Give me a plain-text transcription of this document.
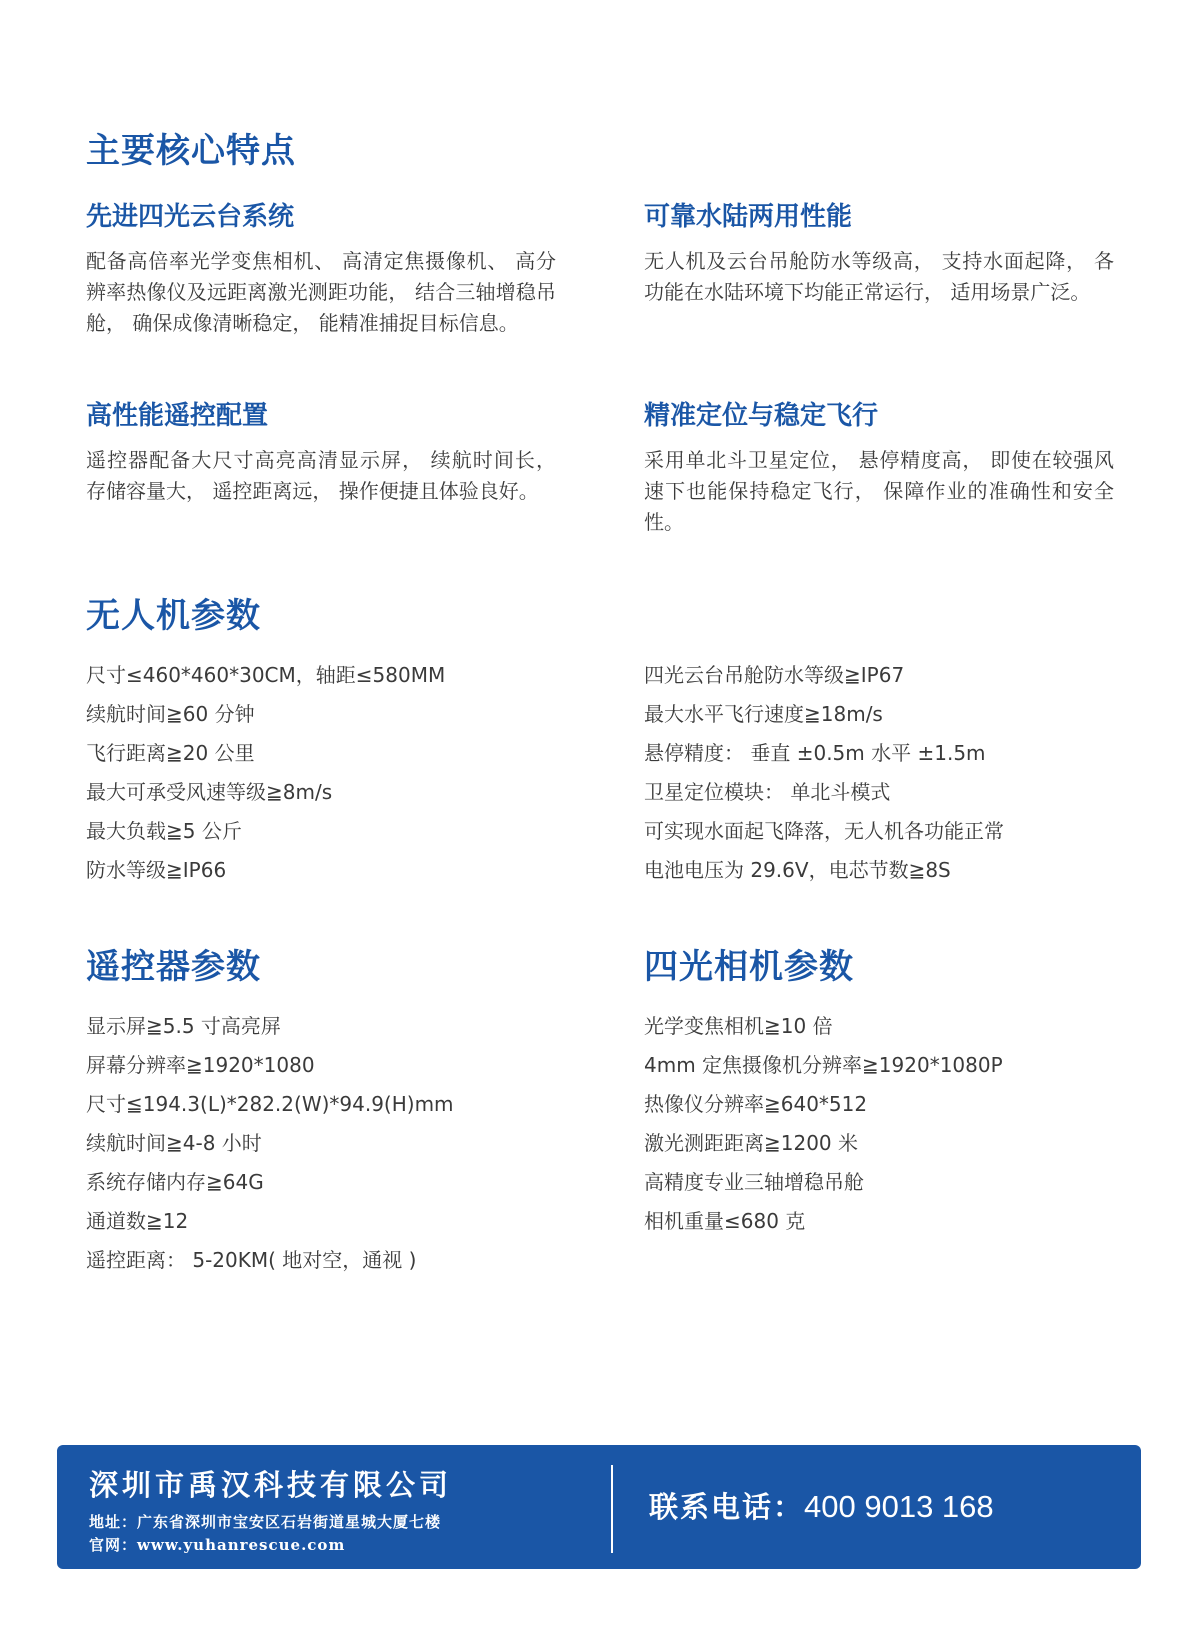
主要核心特点
先进四光云台系统

配备高倍率光学变焦相机、 高清定焦摄像机、 高分辨率热像仪及远距离激光测距功能， 结合三轴增稳吊舱， 确保成像清晰稳定， 能精准捕捉目标信息。

可靠水陆两用性能

无人机及云台吊舱防水等级高， 支持水面起降， 各功能在水陆环境下均能正常运行， 适用场景广泛。

高性能遥控配置

遥控器配备大尺寸高亮高清显示屏， 续航时间长， 存储容量大， 遥控距离远， 操作便捷且体验良好。

精准定位与稳定飞行

采用单北斗卫星定位， 悬停精度高， 即使在较强风速下也能保持稳定飞行， 保障作业的准确性和安全性。

无人机参数
尺寸≤460*460*30CM，轴距≤580MM
续航时间≧60 分钟
飞行距离≧20 公里
最大可承受风速等级≧8m/s
最大负载≧5 公斤
防水等级≧IP66
四光云台吊舱防水等级≧IP67
最大水平飞行速度≧18m/s
悬停精度： 垂直 ±0.5m 水平 ±1.5m
卫星定位模块： 单北斗模式
可实现水面起飞降落，无人机各功能正常
电池电压为 29.6V，电芯节数≧8S
遥控器参数
显示屏≧5.5 寸高亮屏
屏幕分辨率≧1920*1080
尺寸≦194.3(L)*282.2(W)*94.9(H)mm
续航时间≧4-8 小时
系统存储内存≧64G
通道数≧12
遥控距离： 5-20KM( 地对空，通视 )
四光相机参数
光学变焦相机≧10 倍
4mm 定焦摄像机分辨率≧1920*1080P
热像仪分辨率≧640*512
激光测距距离≧1200 米
高精度专业三轴增稳吊舱
相机重量≤680 克

深圳市禹汉科技有限公司

地址：广东省深圳市宝安区石岩街道星城大厦七楼

官网：www.yuhanrescue.com

联系电话：400 9013 168
